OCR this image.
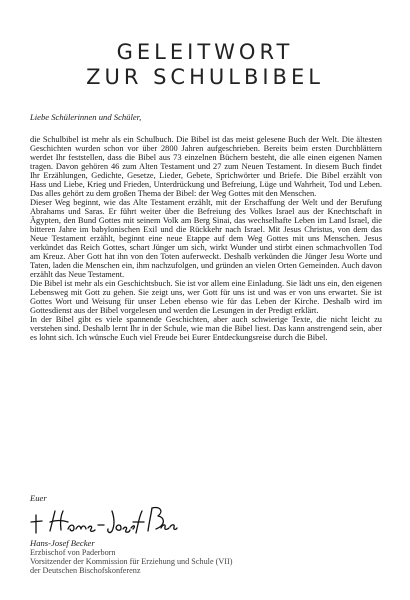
GELEITWORT
ZUR SCHULBIBEL

Liebe Schülerinnen und Schüler,

die Schulbibel ist mehr als ein Schulbuch. Die Bibel ist das meist gelesene Buch der Welt. Die ältesten Geschichten wurden schon vor über 2800 Jahren aufgeschrieben. Bereits beim ersten Durchblättern werdet Ihr feststellen, dass die Bibel aus 73 einzelnen Büchern besteht, die alle einen eigenen Namen tragen. Davon gehören 46 zum Alten Testament und 27 zum Neuen Testament. In diesem Buch findet Ihr Erzählungen, Gedichte, Gesetze, Lieder, Gebete, Sprichwörter und Briefe. Die Bibel erzählt von Hass und Liebe, Krieg und Frieden, Unterdrückung und Befreiung, Lüge und Wahrheit, Tod und Leben. Das alles gehört zu dem großen Thema der Bibel: der Weg Gottes mit den Menschen.

Dieser Weg beginnt, wie das Alte Testament erzählt, mit der Erschaffung der Welt und der Berufung Abrahams und Saras. Er führt weiter über die Befreiung des Volkes Israel aus der Knechtschaft in Ägypten, den Bund Gottes mit seinem Volk am Berg Sinai, das wechselhafte Leben im Land Israel, die bitteren Jahre im babylonischen Exil und die Rückkehr nach Israel. Mit Jesus Christus, von dem das Neue Testament erzählt, beginnt eine neue Etappe auf dem Weg Gottes mit uns Menschen. Jesus verkündet das Reich Gottes, schart Jünger um sich, wirkt Wunder und stirbt einen schmachvollen Tod am Kreuz. Aber Gott hat ihn von den Toten auferweckt. Deshalb verkünden die Jünger Jesu Worte und Taten, laden die Menschen ein, ihm nachzufolgen, und gründen an vielen Orten Gemeinden. Auch davon erzählt das Neue Testament.

Die Bibel ist mehr als ein Geschichtsbuch. Sie ist vor allem eine Einladung. Sie lädt uns ein, den eigenen Lebensweg mit Gott zu gehen. Sie zeigt uns, wer Gott für uns ist und was er von uns erwartet. Sie ist Gottes Wort und Weisung für unser Leben ebenso wie für das Leben der Kirche. Deshalb wird im Gottesdienst aus der Bibel vorgelesen und werden die Lesungen in der Predigt erklärt.

In der Bibel gibt es viele spannende Geschichten, aber auch schwierige Texte, die nicht leicht zu verstehen sind. Deshalb lernt Ihr in der Schule, wie man die Bibel liest. Das kann anstrengend sein, aber es lohnt sich. Ich wünsche Euch viel Freude bei Eurer Entdeckungsreise durch die Bibel.

Euer

Hans-Josef Becker

Erzbischof von Paderborn
Vorsitzender der Kommission für Erziehung und Schule (VII)
der Deutschen Bischofskonferenz
